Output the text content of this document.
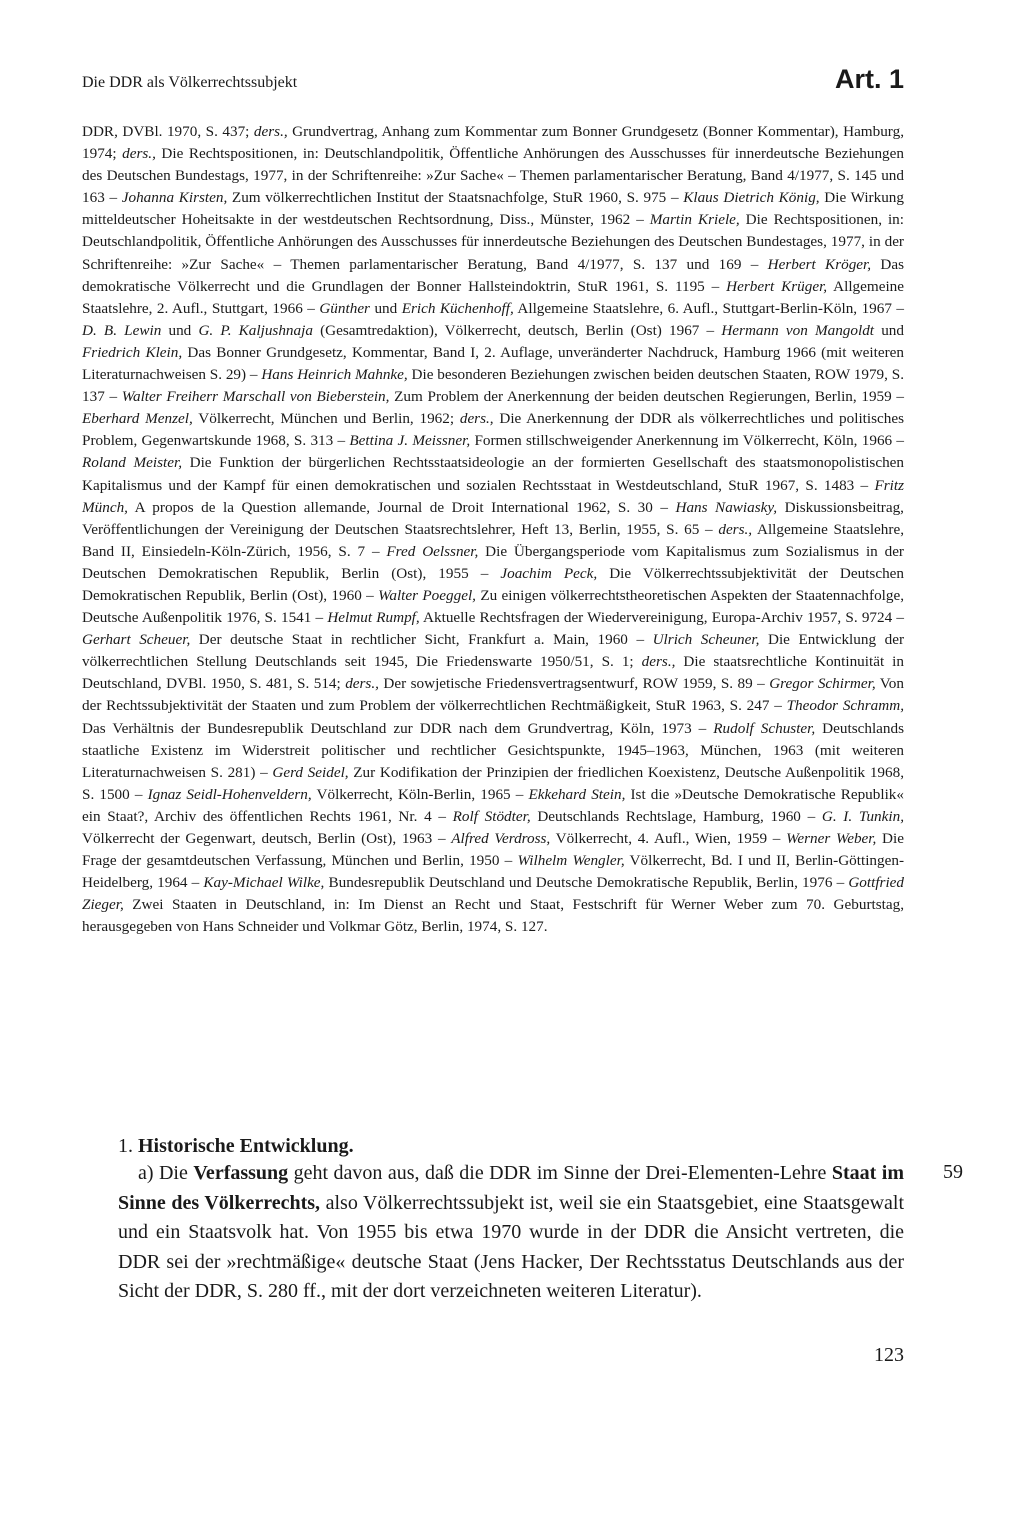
Die DDR als Völkerrechtssubjekt	Art. 1

DDR, DVBl. 1970, S. 437; ders., Grundvertrag, Anhang zum Kommentar zum Bonner Grundgesetz (Bonner Kommentar), Hamburg, 1974; ders., Die Rechtspositionen, in: Deutschlandpolitik, Öffentliche Anhörungen des Ausschusses für innerdeutsche Beziehungen des Deutschen Bundestags, 1977, in der Schriftenreihe: »Zur Sache« – Themen parlamentarischer Beratung, Band 4/1977, S. 145 und 163 – Johanna Kirsten, Zum völkerrechtlichen Institut der Staatsnachfolge, StuR 1960, S. 975 – Klaus Dietrich König, Die Wirkung mitteldeutscher Hoheitsakte in der westdeutschen Rechtsordnung, Diss., Münster, 1962 – Martin Kriele, Die Rechtspositionen, in: Deutschlandpolitik, Öffentliche Anhörungen des Ausschusses für innerdeutsche Beziehungen des Deutschen Bundestages, 1977, in der Schriftenreihe: »Zur Sache« – Themen parlamentarischer Beratung, Band 4/1977, S. 137 und 169 – Herbert Kröger, Das demokratische Völkerrecht und die Grundlagen der Bonner Hallsteindoktrin, StuR 1961, S. 1195 – Herbert Krüger, Allgemeine Staatslehre, 2. Aufl., Stuttgart, 1966 – Günther und Erich Küchenhoff, Allgemeine Staatslehre, 6. Aufl., Stuttgart-Berlin-Köln, 1967 – D. B. Lewin und G. P. Kaljushnaja (Gesamtredaktion), Völkerrecht, deutsch, Berlin (Ost) 1967 – Hermann von Mangoldt und Friedrich Klein, Das Bonner Grundgesetz, Kommentar, Band I, 2. Auflage, unveränderter Nachdruck, Hamburg 1966 (mit weiteren Literaturnachweisen S. 29) – Hans Heinrich Mahnke, Die besonderen Beziehungen zwischen beiden deutschen Staaten, ROW 1979, S. 137 – Walter Freiherr Marschall von Bieberstein, Zum Problem der Anerkennung der beiden deutschen Regierungen, Berlin, 1959 – Eberhard Menzel, Völkerrecht, München und Berlin, 1962; ders., Die Anerkennung der DDR als völkerrechtliches und politisches Problem, Gegenwartskunde 1968, S. 313 – Bettina J. Meissner, Formen stillschweigender Anerkennung im Völkerrecht, Köln, 1966 – Roland Meister, Die Funktion der bürgerlichen Rechtsstaatsideologie an der formierten Gesellschaft des staatsmonopolistischen Kapitalismus und der Kampf für einen demokratischen und sozialen Rechtsstaat in Westdeutschland, StuR 1967, S. 1483 – Fritz Münch, A propos de la Question allemande, Journal de Droit International 1962, S. 30 – Hans Nawiasky, Diskussionsbeitrag, Veröffentlichungen der Vereinigung der Deutschen Staatsrechtslehrer, Heft 13, Berlin, 1955, S. 65 – ders., Allgemeine Staatslehre, Band II, Einsiedeln-Köln-Zürich, 1956, S. 7 – Fred Oelssner, Die Übergangsperiode vom Kapitalismus zum Sozialismus in der Deutschen Demokratischen Republik, Berlin (Ost), 1955 – Joachim Peck, Die Völkerrechtssubjektivität der Deutschen Demokratischen Republik, Berlin (Ost), 1960 – Walter Poeggel, Zu einigen völkerrechtstheoretischen Aspekten der Staatennachfolge, Deutsche Außenpolitik 1976, S. 1541 – Helmut Rumpf, Aktuelle Rechtsfragen der Wiedervereinigung, Europa-Archiv 1957, S. 9724 – Gerhart Scheuer, Der deutsche Staat in rechtlicher Sicht, Frankfurt a. Main, 1960 – Ulrich Scheuner, Die Entwicklung der völkerrechtlichen Stellung Deutschlands seit 1945, Die Friedenswarte 1950/51, S. 1; ders., Die staatsrechtliche Kontinuität in Deutschland, DVBl. 1950, S. 481, S. 514; ders., Der sowjetische Friedensvertragsentwurf, ROW 1959, S. 89 – Gregor Schirmer, Von der Rechtssubjektivität der Staaten und zum Problem der völkerrechtlichen Rechtmäßigkeit, StuR 1963, S. 247 – Theodor Schramm, Das Verhältnis der Bundesrepublik Deutschland zur DDR nach dem Grundvertrag, Köln, 1973 – Rudolf Schuster, Deutschlands staatliche Existenz im Widerstreit politischer und rechtlicher Gesichtspunkte, 1945–1963, München, 1963 (mit weiteren Literaturnachweisen S. 281) – Gerd Seidel, Zur Kodifikation der Prinzipien der friedlichen Koexistenz, Deutsche Außenpolitik 1968, S. 1500 – Ignaz Seidl-Hohenveldern, Völkerrecht, Köln-Berlin, 1965 – Ekkehard Stein, Ist die »Deutsche Demokratische Republik« ein Staat?, Archiv des öffentlichen Rechts 1961, Nr. 4 – Rolf Stödter, Deutschlands Rechtslage, Hamburg, 1960 – G. I. Tunkin, Völkerrecht der Gegenwart, deutsch, Berlin (Ost), 1963 – Alfred Verdross, Völkerrecht, 4. Aufl., Wien, 1959 – Werner Weber, Die Frage der gesamtdeutschen Verfassung, München und Berlin, 1950 – Wilhelm Wengler, Völkerrecht, Bd. I und II, Berlin-Göttingen-Heidelberg, 1964 – Kay-Michael Wilke, Bundesrepublik Deutschland und Deutsche Demokratische Republik, Berlin, 1976 – Gottfried Zieger, Zwei Staaten in Deutschland, in: Im Dienst an Recht und Staat, Festschrift für Werner Weber zum 70. Geburtstag, herausgegeben von Hans Schneider und Volkmar Götz, Berlin, 1974, S. 127.

1. Historische Entwicklung.

a) Die Verfassung geht davon aus, daß die DDR im Sinne der Drei-Elementen-Lehre Staat im Sinne des Völkerrechts, also Völkerrechtssubjekt ist, weil sie ein Staatsgebiet, eine Staatsgewalt und ein Staatsvolk hat. Von 1955 bis etwa 1970 wurde in der DDR die Ansicht vertreten, die DDR sei der »rechtmäßige« deutsche Staat (Jens Hacker, Der Rechtsstatus Deutschlands aus der Sicht der DDR, S. 280 ff., mit der dort verzeichneten weiteren Literatur).

59
123
